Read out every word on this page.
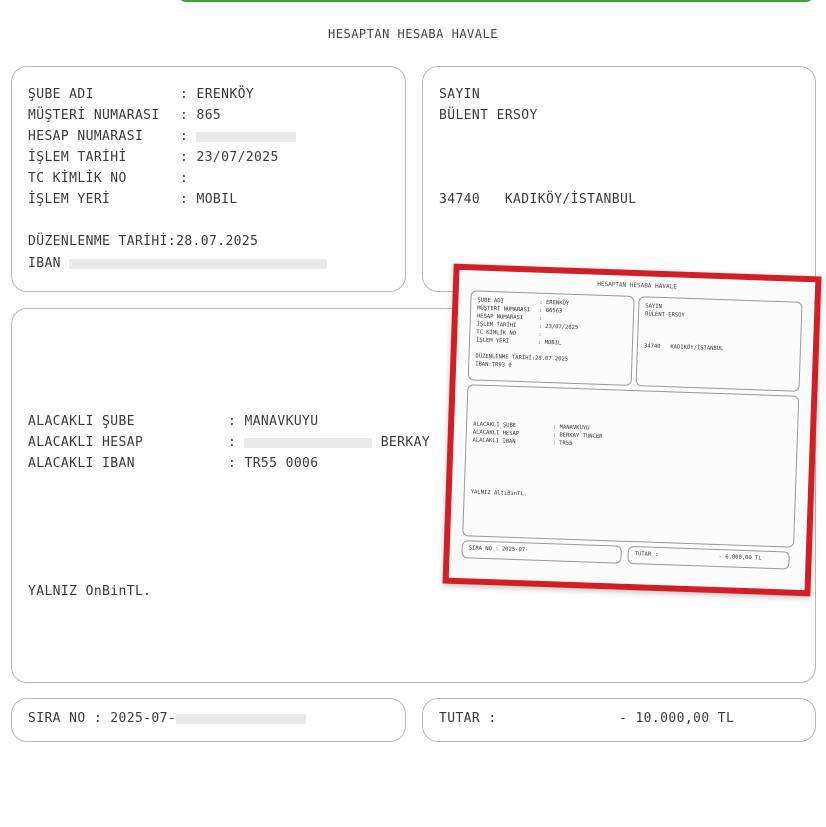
HESAPTAN HESABA HAVALE
ŞUBE ADI	: ERENKÖY
MÜŞTERİ NUMARASI : 865
HESAP NUMARASI	:
İŞLEM TARİHİ	: 23/07/2025
TC KİMLİK NO	:
İŞLEM YERİ	: MOBIL
DÜZENLENME TARİHİ:28.07.2025
IBAN
SAYIN
BÜLENT ERSOY
34740 KADIKÖY/İSTANBUL
ALACAKLI ŞUBE	: MANAVKUYU
ALACAKLI HESAP	:	BERKAY
ALACAKLI IBAN	: TR55 0006
YALNIZ OnBinTL.
SIRA NO : 2025-07-	TUTAR :	- 10.000,00 TL
HESAPTAN HESABA HAVALE
ŞUBE ADI	: ERENKÖY
MÜŞTERİ NUMARASI : 86563
HESAP NUMARASI	:
İŞLEM TARİHİ	: 23/07/2025
TC KİMLİK NO	:
İŞLEM YERİ	: MOBIL
DÜZENLENME TARİHİ:28.07.2025
IBAN:TR93 0
SAYIN
BÜLENT ERSOY
34740   KADIKÖY/İSTANBUL
ALACAKLI ŞUBE	: MANAVKUYU
ALACAKLI HESAP	: BERKAY TUNCER
ALACAKLI IBAN	: TR55
YALNIZ AltıBinTL.
SIRA NO : 2025-07-
TUTAR :	- 6.000,00 TL
